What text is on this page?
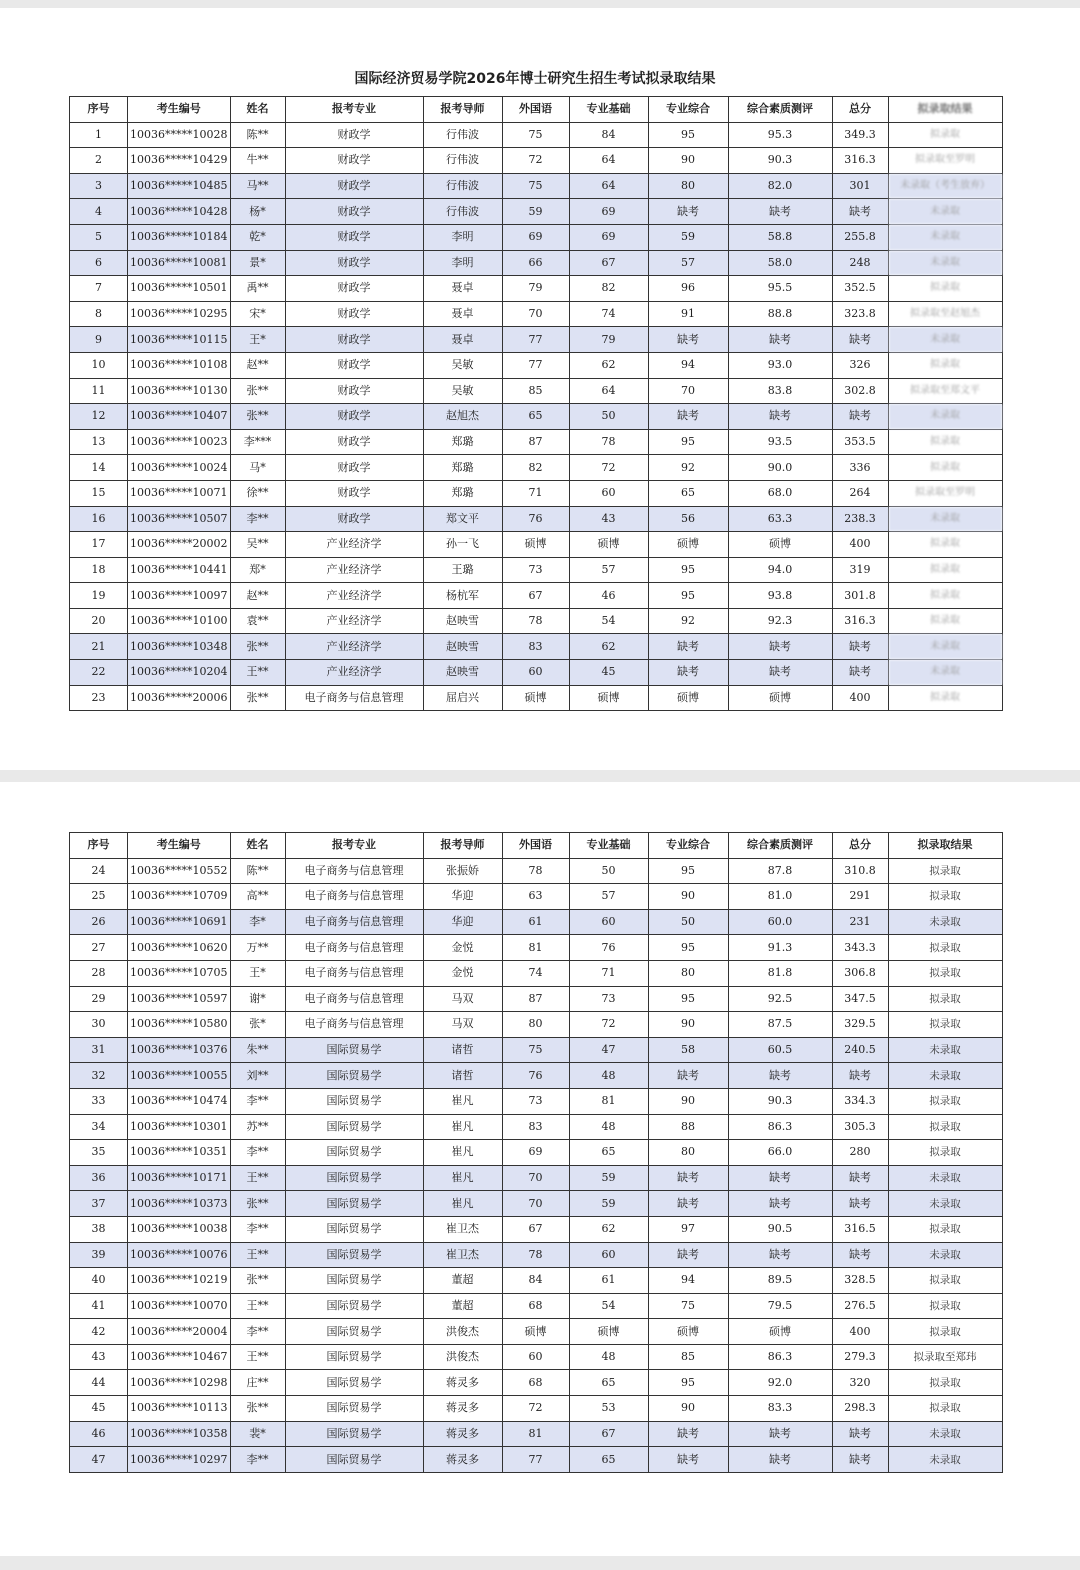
国际经济贸易学院2026年博士研究生招生考试拟录取结果
序号	考生编号	姓名	报考专业	报考导师	外国语	专业基础	专业综合	综合素质测评	总分	拟录取结果
1	10036*****10028	陈**	财政学	行伟波	75	84	95	95.3	349.3	拟录取
2	10036*****10429	牛**	财政学	行伟波	72	64	90	90.3	316.3	拟录取至罗明
3	10036*****10485	马**	财政学	行伟波	75	64	80	82.0	301	未录取（考生放弃）
4	10036*****10428	杨*	财政学	行伟波	59	69	缺考	缺考	缺考	未录取
5	10036*****10184	乾*	财政学	李明	69	69	59	58.8	255.8	未录取
6	10036*****10081	景*	财政学	李明	66	67	57	58.0	248	未录取
7	10036*****10501	禹**	财政学	聂卓	79	82	96	95.5	352.5	拟录取
8	10036*****10295	宋*	财政学	聂卓	70	74	91	88.8	323.8	拟录取至赵旭杰
9	10036*****10115	王*	财政学	聂卓	77	79	缺考	缺考	缺考	未录取
10	10036*****10108	赵**	财政学	吴敏	77	62	94	93.0	326	拟录取
11	10036*****10130	张**	财政学	吴敏	85	64	70	83.8	302.8	拟录取至郑文平
12	10036*****10407	张**	财政学	赵旭杰	65	50	缺考	缺考	缺考	未录取
13	10036*****10023	李***	财政学	郑璐	87	78	95	93.5	353.5	拟录取
14	10036*****10024	马*	财政学	郑璐	82	72	92	90.0	336	拟录取
15	10036*****10071	徐**	财政学	郑璐	71	60	65	68.0	264	拟录取至罗明
16	10036*****10507	李**	财政学	郑文平	76	43	56	63.3	238.3	未录取
17	10036*****20002	吴**	产业经济学	孙一飞	硕博	硕博	硕博	硕博	400	拟录取
18	10036*****10441	郑*	产业经济学	王璐	73	57	95	94.0	319	拟录取
19	10036*****10097	赵**	产业经济学	杨杭军	67	46	95	93.8	301.8	拟录取
20	10036*****10100	袁**	产业经济学	赵映雪	78	54	92	92.3	316.3	拟录取
21	10036*****10348	张**	产业经济学	赵映雪	83	62	缺考	缺考	缺考	未录取
22	10036*****10204	王**	产业经济学	赵映雪	60	45	缺考	缺考	缺考	未录取
23	10036*****20006	张**	电子商务与信息管理	屈启兴	硕博	硕博	硕博	硕博	400	拟录取
序号	考生编号	姓名	报考专业	报考导师	外国语	专业基础	专业综合	综合素质测评	总分	拟录取结果
24	10036*****10552	陈**	电子商务与信息管理	张振娇	78	50	95	87.8	310.8	拟录取
25	10036*****10709	高**	电子商务与信息管理	华迎	63	57	90	81.0	291	拟录取
26	10036*****10691	李*	电子商务与信息管理	华迎	61	60	50	60.0	231	未录取
27	10036*****10620	万**	电子商务与信息管理	金悦	81	76	95	91.3	343.3	拟录取
28	10036*****10705	王*	电子商务与信息管理	金悦	74	71	80	81.8	306.8	拟录取
29	10036*****10597	谢*	电子商务与信息管理	马双	87	73	95	92.5	347.5	拟录取
30	10036*****10580	张*	电子商务与信息管理	马双	80	72	90	87.5	329.5	拟录取
31	10036*****10376	朱**	国际贸易学	诸哲	75	47	58	60.5	240.5	未录取
32	10036*****10055	刘**	国际贸易学	诸哲	76	48	缺考	缺考	缺考	未录取
33	10036*****10474	李**	国际贸易学	崔凡	73	81	90	90.3	334.3	拟录取
34	10036*****10301	苏**	国际贸易学	崔凡	83	48	88	86.3	305.3	拟录取
35	10036*****10351	李**	国际贸易学	崔凡	69	65	80	66.0	280	拟录取
36	10036*****10171	王**	国际贸易学	崔凡	70	59	缺考	缺考	缺考	未录取
37	10036*****10373	张**	国际贸易学	崔凡	70	59	缺考	缺考	缺考	未录取
38	10036*****10038	李**	国际贸易学	崔卫杰	67	62	97	90.5	316.5	拟录取
39	10036*****10076	王**	国际贸易学	崔卫杰	78	60	缺考	缺考	缺考	未录取
40	10036*****10219	张**	国际贸易学	董超	84	61	94	89.5	328.5	拟录取
41	10036*****10070	王**	国际贸易学	董超	68	54	75	79.5	276.5	拟录取
42	10036*****20004	李**	国际贸易学	洪俊杰	硕博	硕博	硕博	硕博	400	拟录取
43	10036*****10467	王**	国际贸易学	洪俊杰	60	48	85	86.3	279.3	拟录取至郑玮
44	10036*****10298	庄**	国际贸易学	蒋灵多	68	65	95	92.0	320	拟录取
45	10036*****10113	张**	国际贸易学	蒋灵多	72	53	90	83.3	298.3	拟录取
46	10036*****10358	裴*	国际贸易学	蒋灵多	81	67	缺考	缺考	缺考	未录取
47	10036*****10297	李**	国际贸易学	蒋灵多	77	65	缺考	缺考	缺考	未录取
